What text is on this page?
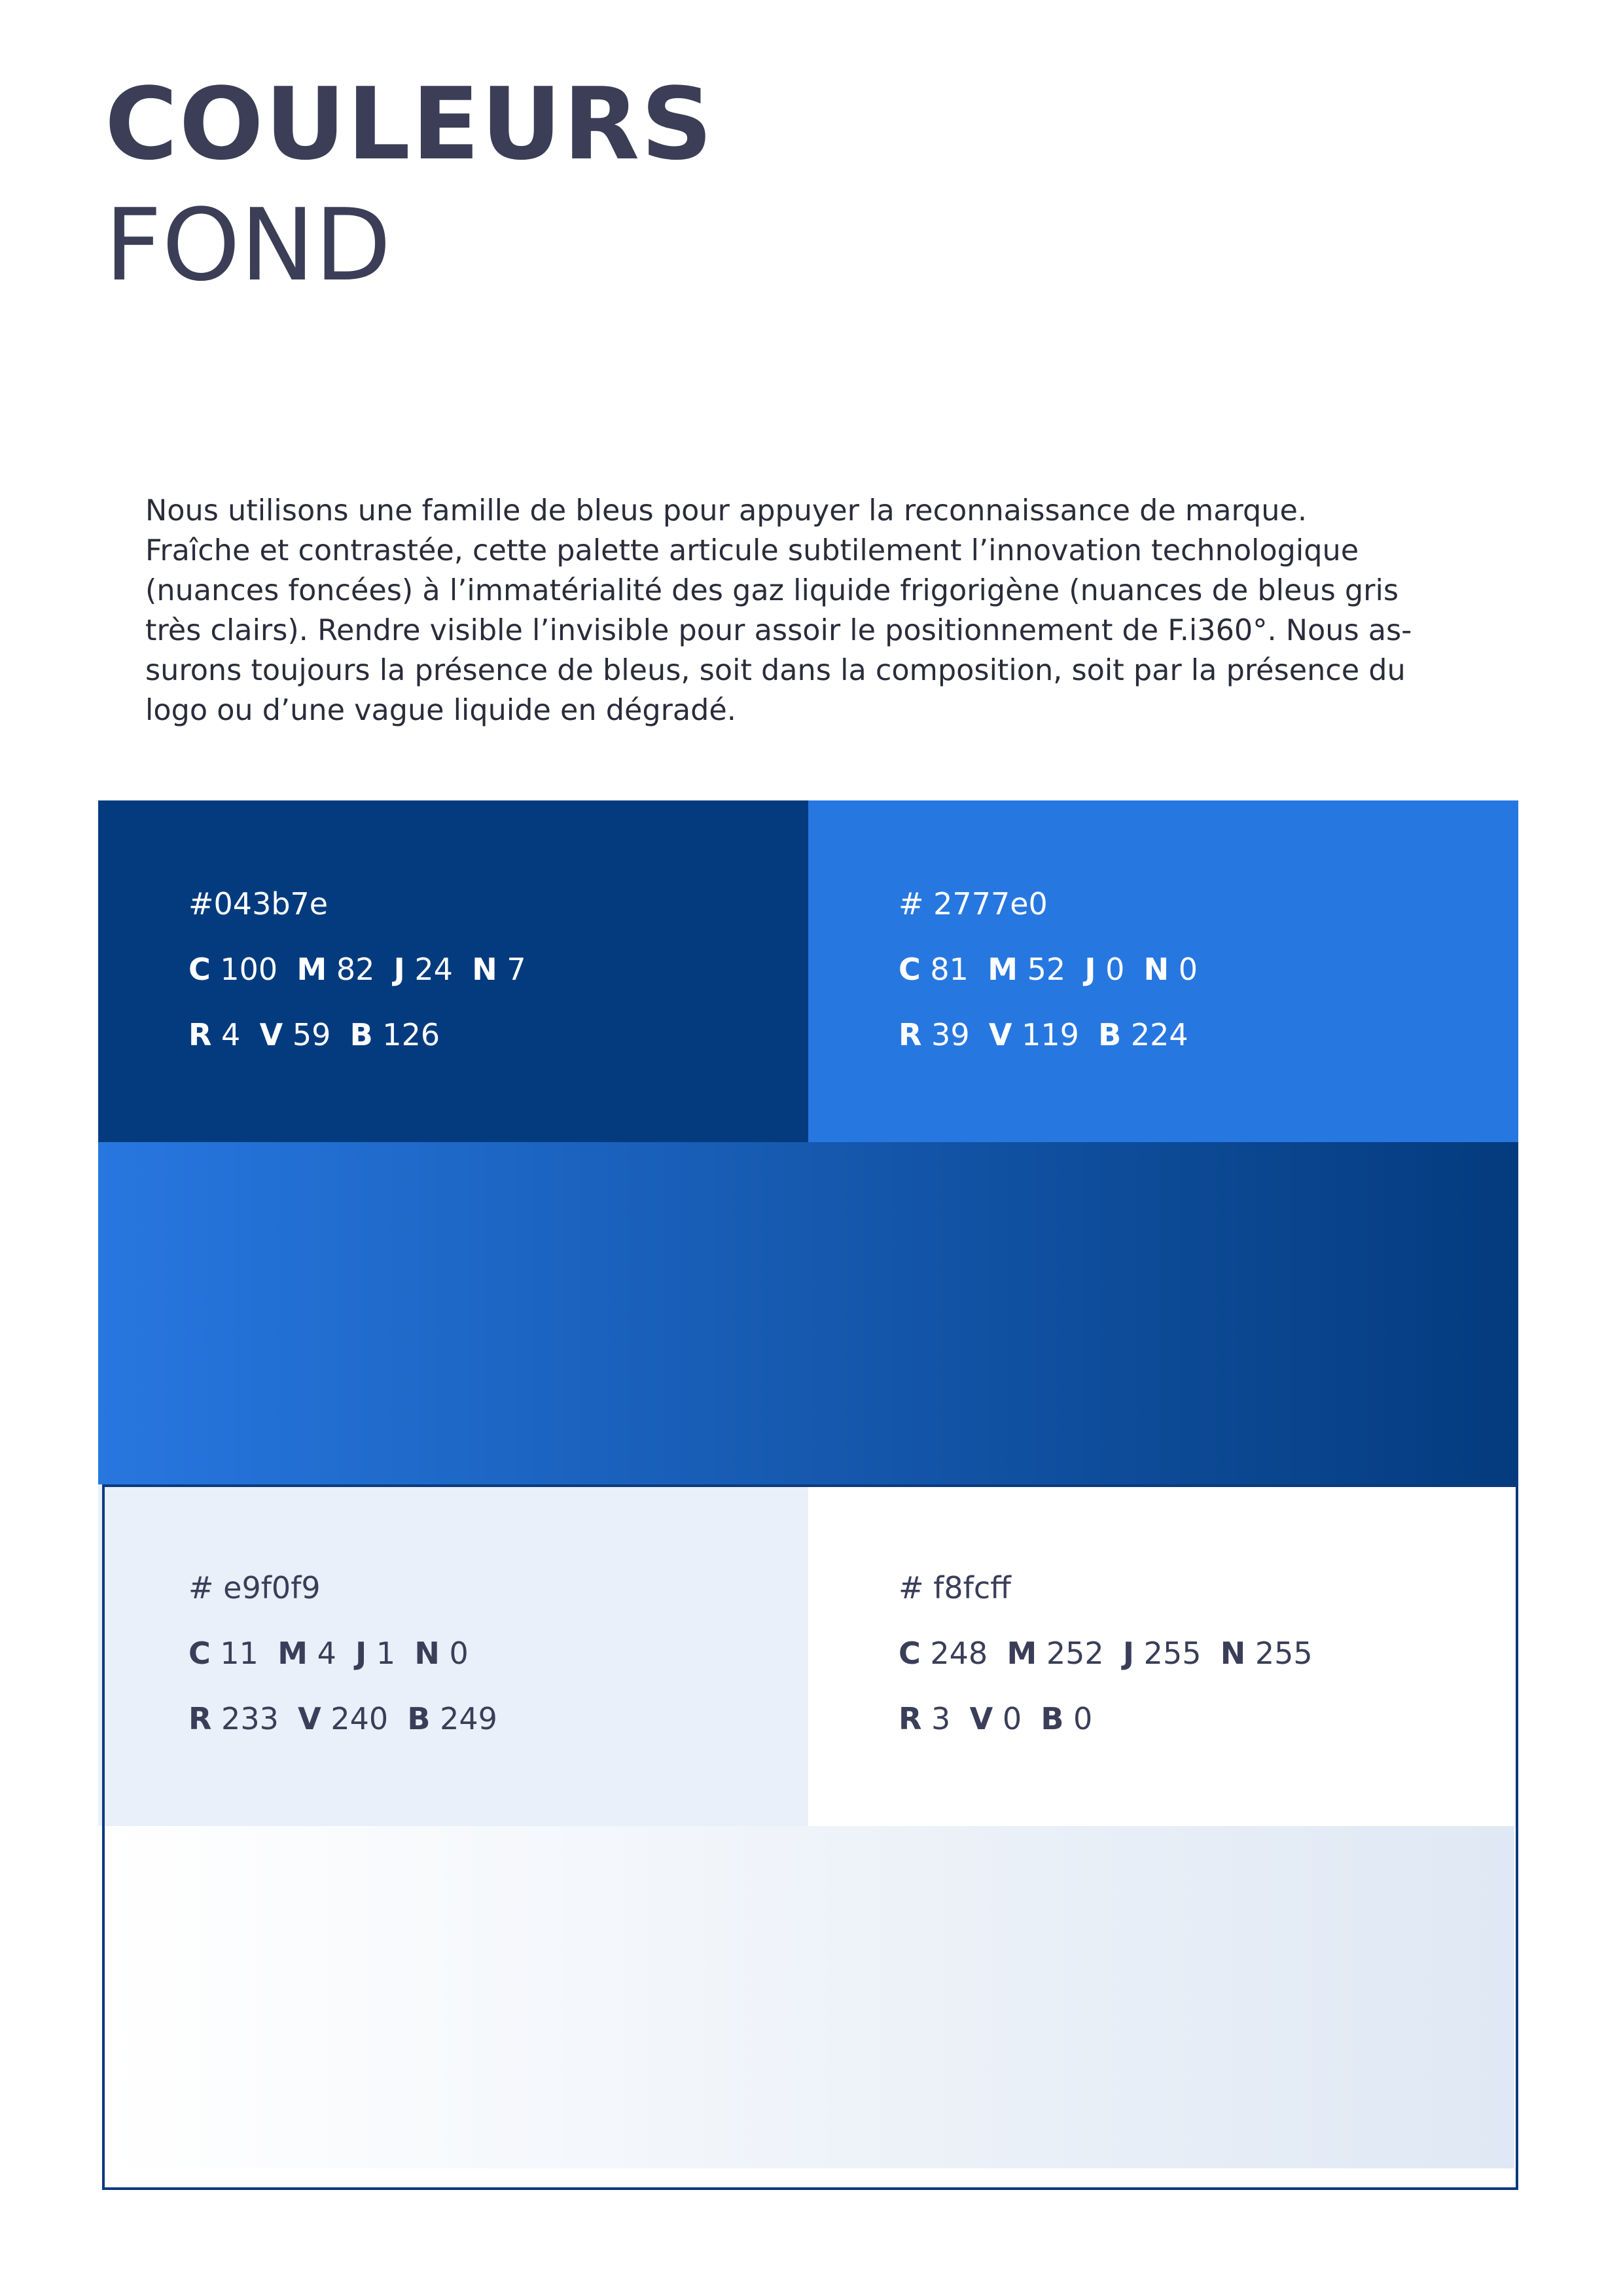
COULEURS
FOND
Nous utilisons une famille de bleus pour appuyer la reconnaissance de marque.
Fraîche et contrastée, cette palette articule subtilement l’innovation technologique
(nuances foncées) à l’immatérialité des gaz liquide frigorigène (nuances de bleus gris
très clairs). Rendre visible l’invisible pour assoir le positionnement de F.i360°. Nous as-
surons toujours la présence de bleus, soit dans la composition, soit par la présence du
logo ou d’une vague liquide en dégradé.
#043b7e
C 100 M 82 J 24 N 7
R 4 V 59 B 126
# 2777e0
C 81 M 52 J 0 N 0
R 39 V 119 B 224
# e9f0f9
C 11 M 4 J 1 N 0
R 233 V 240 B 249
# f8fcff
C 248 M 252 J 255 N 255
R 3 V 0 B 0
